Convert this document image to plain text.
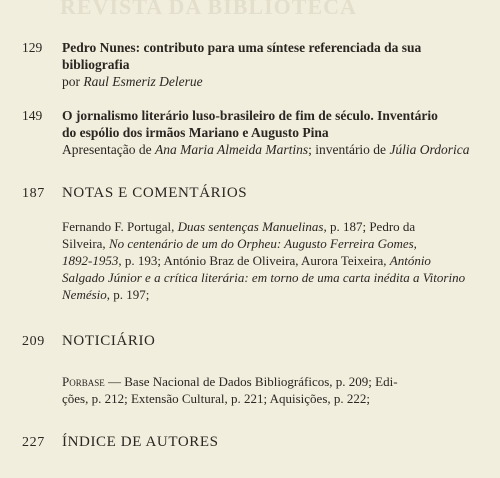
REVISTA DA BIBLIOTECA
129	Pedro Nunes: contributo para uma síntese referenciada da sua
bibliografia
por Raul Esmeriz Delerue
149	O jornalismo literário luso-brasileiro de fim de século. Inventário
do espólio dos irmãos Mariano e Augusto Pina
Apresentação de Ana Maria Almeida Martins; inventário de Júlia Ordorica
187	NOTAS E COMENTÁRIOS
Fernando F. Portugal, Duas sentenças Manuelinas, p. 187; Pedro da
Silveira, No centenário de um do Orpheu: Augusto Ferreira Gomes,
1892-1953, p. 193; António Braz de Oliveira, Aurora Teixeira, António
Salgado Júnior e a crítica literária: em torno de uma carta inédita a Vitorino
Nemésio, p. 197;
209	NOTICIÁRIO
Porbase — Base Nacional de Dados Bibliográficos, p. 209; Edi-
ções, p. 212; Extensão Cultural, p. 221; Aquisições, p. 222;
227	ÍNDICE DE AUTORES
